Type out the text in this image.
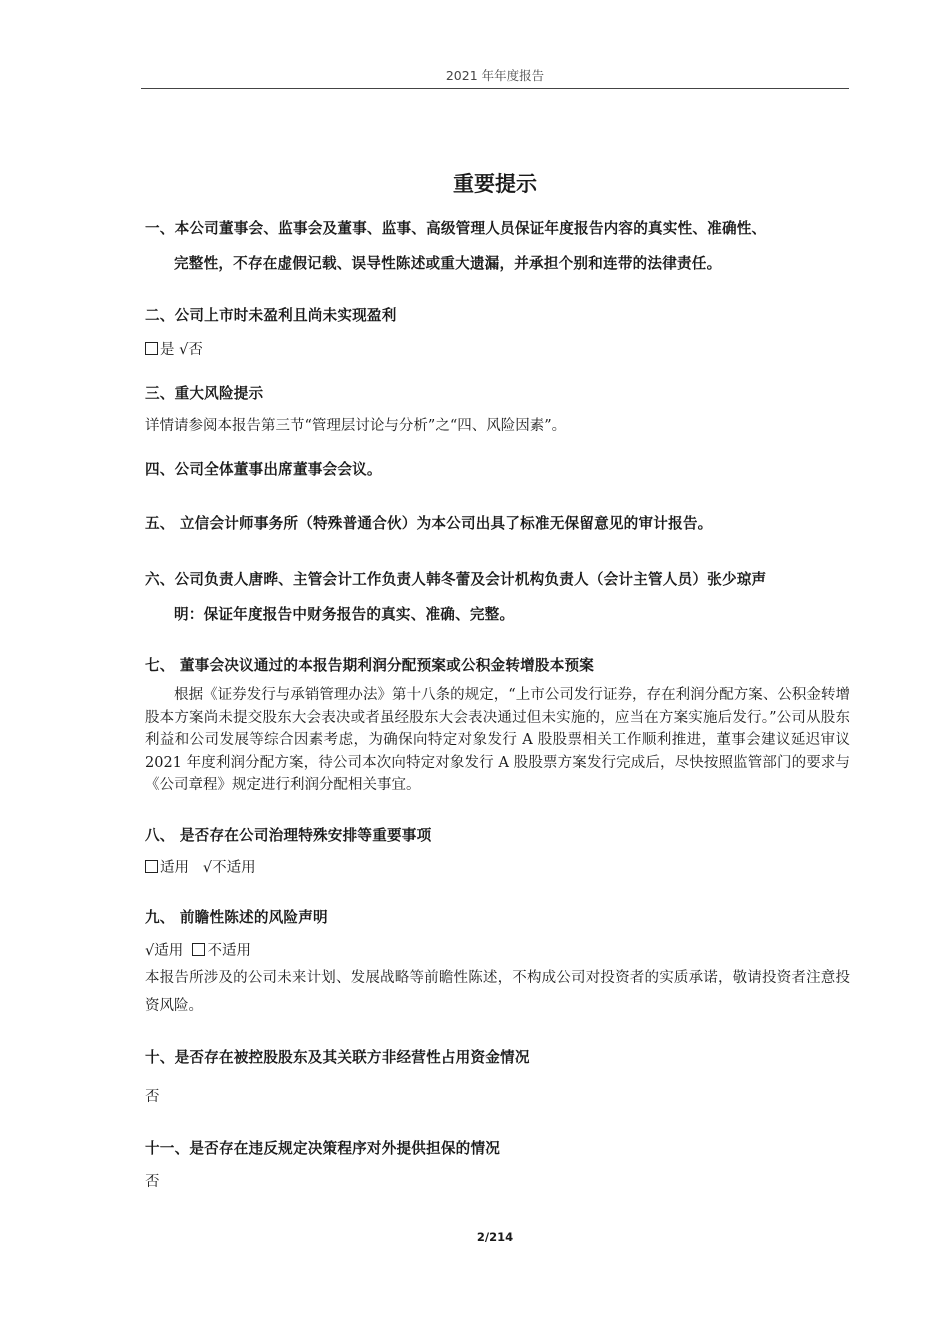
2021 年年度报告
重要提示
一、本公司董事会、监事会及董事、监事、高级管理人员保证年度报告内容的真实性、准确性、
完整性，不存在虚假记载、误导性陈述或重大遗漏，并承担个别和连带的法律责任。
二、公司上市时未盈利且尚未实现盈利
是 √否
三、重大风险提示
详情请参阅本报告第三节“管理层讨论与分析”之“四、风险因素”。
四、公司全体董事出席董事会会议。
五、 立信会计师事务所（特殊普通合伙）为本公司出具了标准无保留意见的审计报告。
六、公司负责人唐晔、主管会计工作负责人韩冬蕾及会计机构负责人（会计主管人员）张少琼声
明：保证年度报告中财务报告的真实、准确、完整。
七、 董事会决议通过的本报告期利润分配预案或公积金转增股本预案
根据《证券发行与承销管理办法》第十八条的规定，“上市公司发行证券，存在利润分配方案、公积金转增股本方案尚未提交股东大会表决或者虽经股东大会表决通过但未实施的，应当在方案实施后发行。”公司从股东利益和公司发展等综合因素考虑，为确保向特定对象发行 A 股股票相关工作顺利推进，董事会建议延迟审议 2021 年度利润分配方案，待公司本次向特定对象发行 A 股股票方案发行完成后，尽快按照监管部门的要求与《公司章程》规定进行利润分配相关事宜。
八、 是否存在公司治理特殊安排等重要事项
适用 √不适用
九、 前瞻性陈述的风险声明
√适用 不适用
本报告所涉及的公司未来计划、发展战略等前瞻性陈述，不构成公司对投资者的实质承诺，敬请投资者注意投资风险。
十、是否存在被控股股东及其关联方非经营性占用资金情况
否
十一、是否存在违反规定决策程序对外提供担保的情况
否
2/214
